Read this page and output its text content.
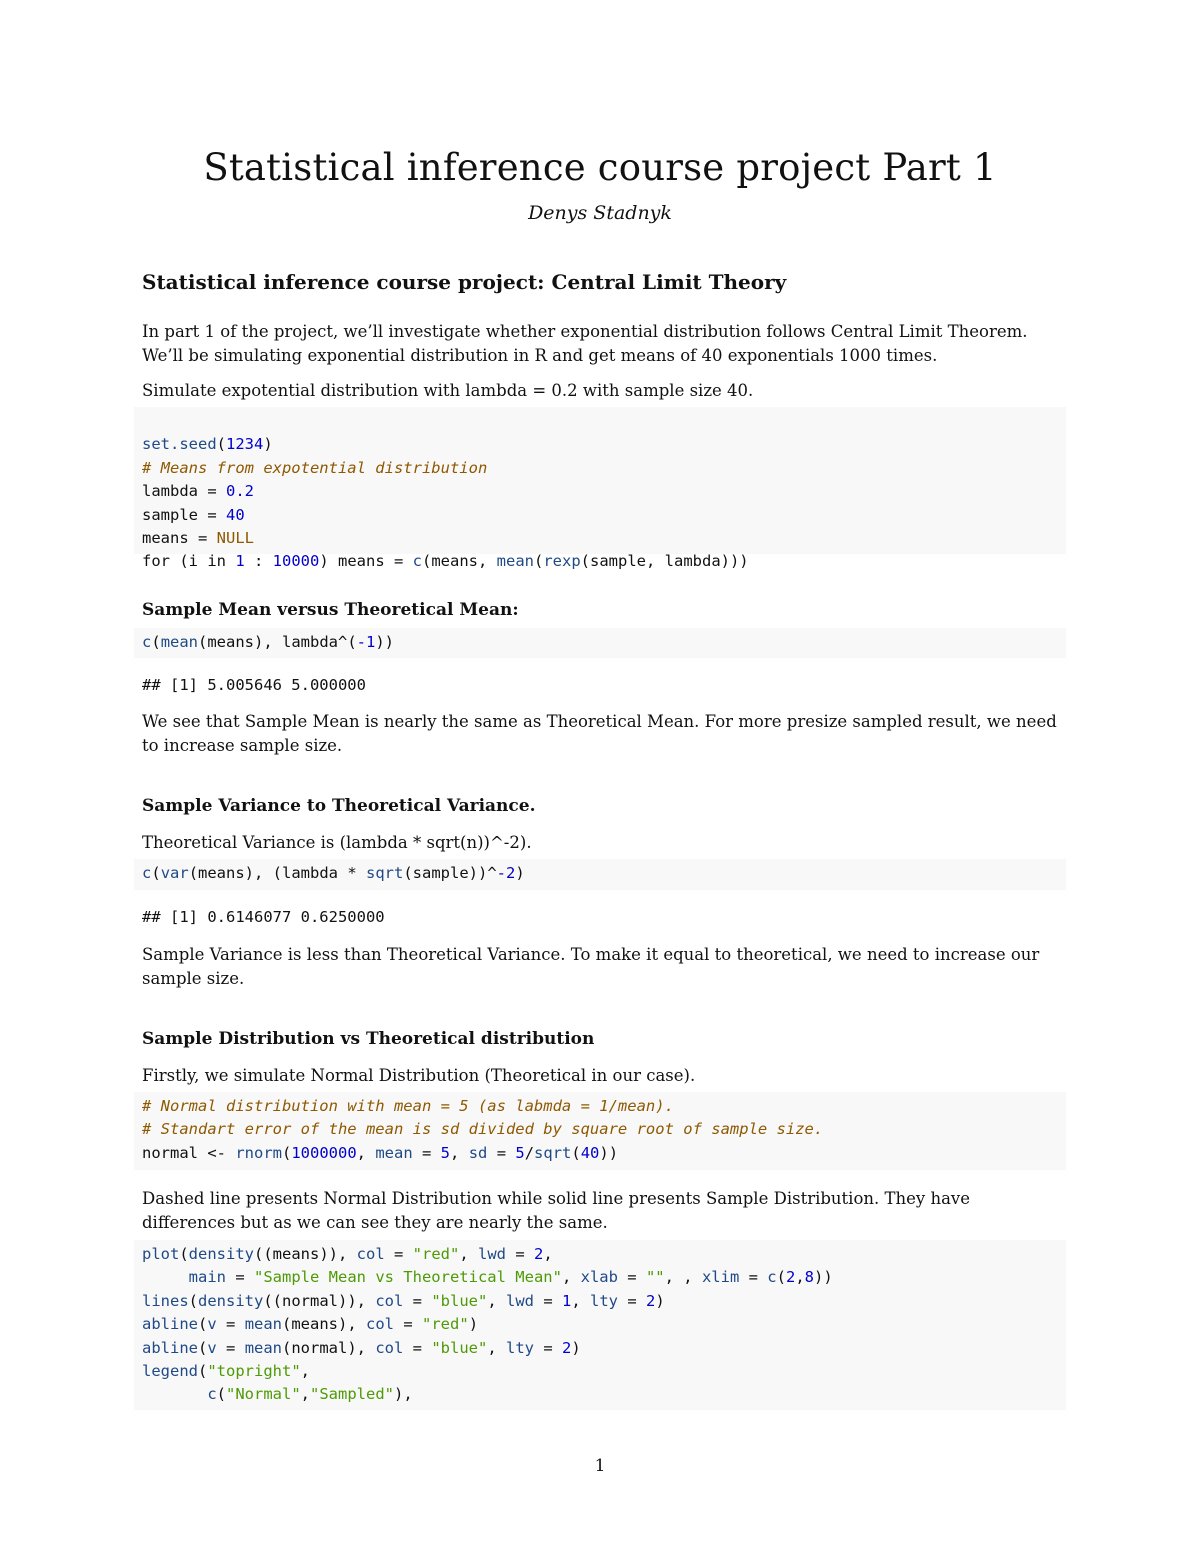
Statistical inference course project Part 1
Denys Stadnyk
Statistical inference course project: Central Limit Theory
In part 1 of the project, we’ll investigate whether exponential distribution follows Central Limit Theorem. We’ll be simulating exponential distribution in R and get means of 40 exponentials 1000 times.
Simulate expotential distribution with lambda = 0.2 with sample size 40.

set.seed(1234)
# Means from expotential distribution
lambda = 0.2
sample = 40
means = NULL
for (i in 1 : 10000) means = c(means, mean(rexp(sample, lambda)))
Sample Mean versus Theoretical Mean:
c(mean(means), lambda^(-1))
## [1] 5.005646 5.000000
We see that Sample Mean is nearly the same as Theoretical Mean. For more presize sampled result, we need to increase sample size.
Sample Variance to Theoretical Variance.
Theoretical Variance is (lambda * sqrt(n))^-2).
c(var(means), (lambda * sqrt(sample))^-2)
## [1] 0.6146077 0.6250000
Sample Variance is less than Theoretical Variance. To make it equal to theoretical, we need to increase our sample size.
Sample Distribution vs Theoretical distribution
Firstly, we simulate Normal Distribution (Theoretical in our case).
# Normal distribution with mean = 5 (as labmda = 1/mean).
# Standart error of the mean is sd divided by square root of sample size.
normal <- rnorm(1000000, mean = 5, sd = 5/sqrt(40))
Dashed line presents Normal Distribution while solid line presents Sample Distribution. They have differences but as we can see they are nearly the same.
plot(density((means)), col = "red", lwd = 2,
main = "Sample Mean vs Theoretical Mean", xlab = "", , xlim = c(2,8))
lines(density((normal)), col = "blue", lwd = 1, lty = 2)
abline(v = mean(means), col = "red")
abline(v = mean(normal), col = "blue", lty = 2)
legend("topright",
c("Normal","Sampled"),
1
